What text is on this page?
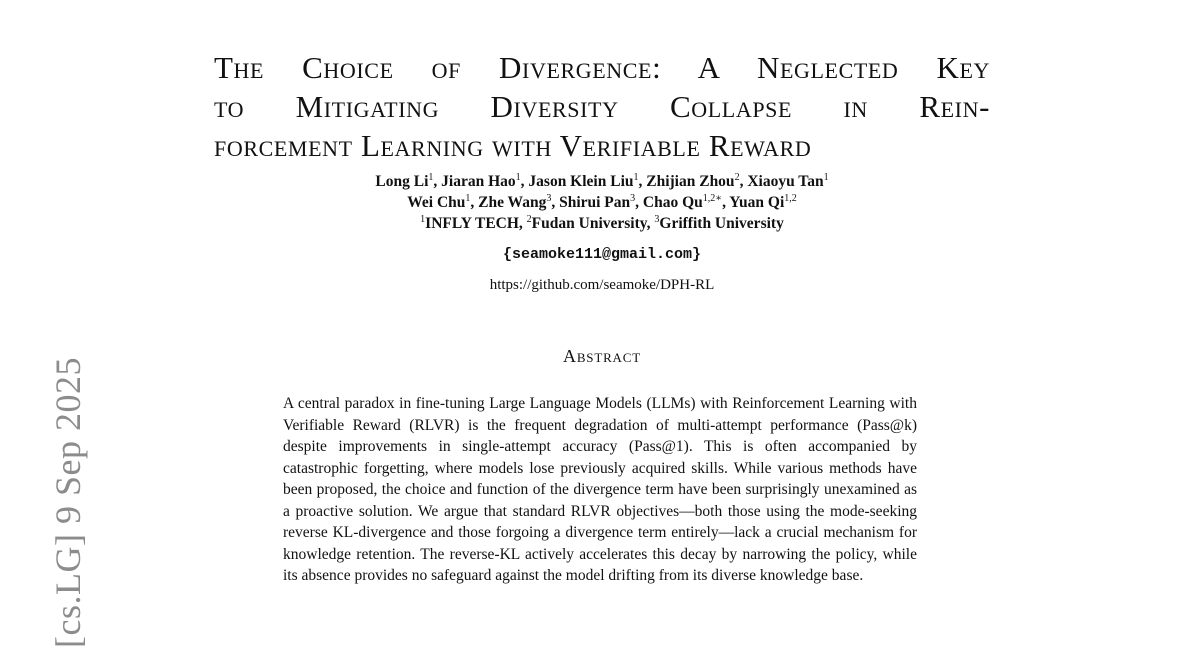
[cs.LG] 9 Sep 2025
The Choice of Divergence: A Neglected Key
to Mitigating Diversity Collapse in Rein-
forcement Learning with Verifiable Reward
Long Li$^1$, Jiaran Hao$^1$, Jason Klein Liu$^1$, Zhijian Zhou$^2$, Xiaoyu Tan$^1$
Wei Chu$^1$, Zhe Wang$^3$, Shirui Pan$^3$, Chao $Qu^{1,2∗}$, Yuan Qi$^{1,2}$
$^1$INFLY TECH, $^2$Fudan University, $^3$Griffith University
{seamoke111@gmail.com}
https://github.com/seamoke/DPH-RL
Abstract

A central paradox in fine-tuning Large Language Models (LLMs) with Reinforcement Learning with Verifiable Reward (RLVR) is the frequent degradation of multi-attempt performance (Pass@k) despite improvements in single-attempt accuracy (Pass@1). This is often accompanied by catastrophic forgetting, where models lose previously acquired skills. While various methods have been proposed, the choice and function of the divergence term have been surprisingly unexamined as a proactive solution. We argue that standard RLVR objectives—both those using the mode-seeking reverse KL-divergence and those forgoing a divergence term entirely—lack a crucial mechanism for knowledge retention. The reverse-KL actively accelerates this decay by narrowing the policy, while its absence provides no safeguard against the model drifting from its diverse knowledge base.
